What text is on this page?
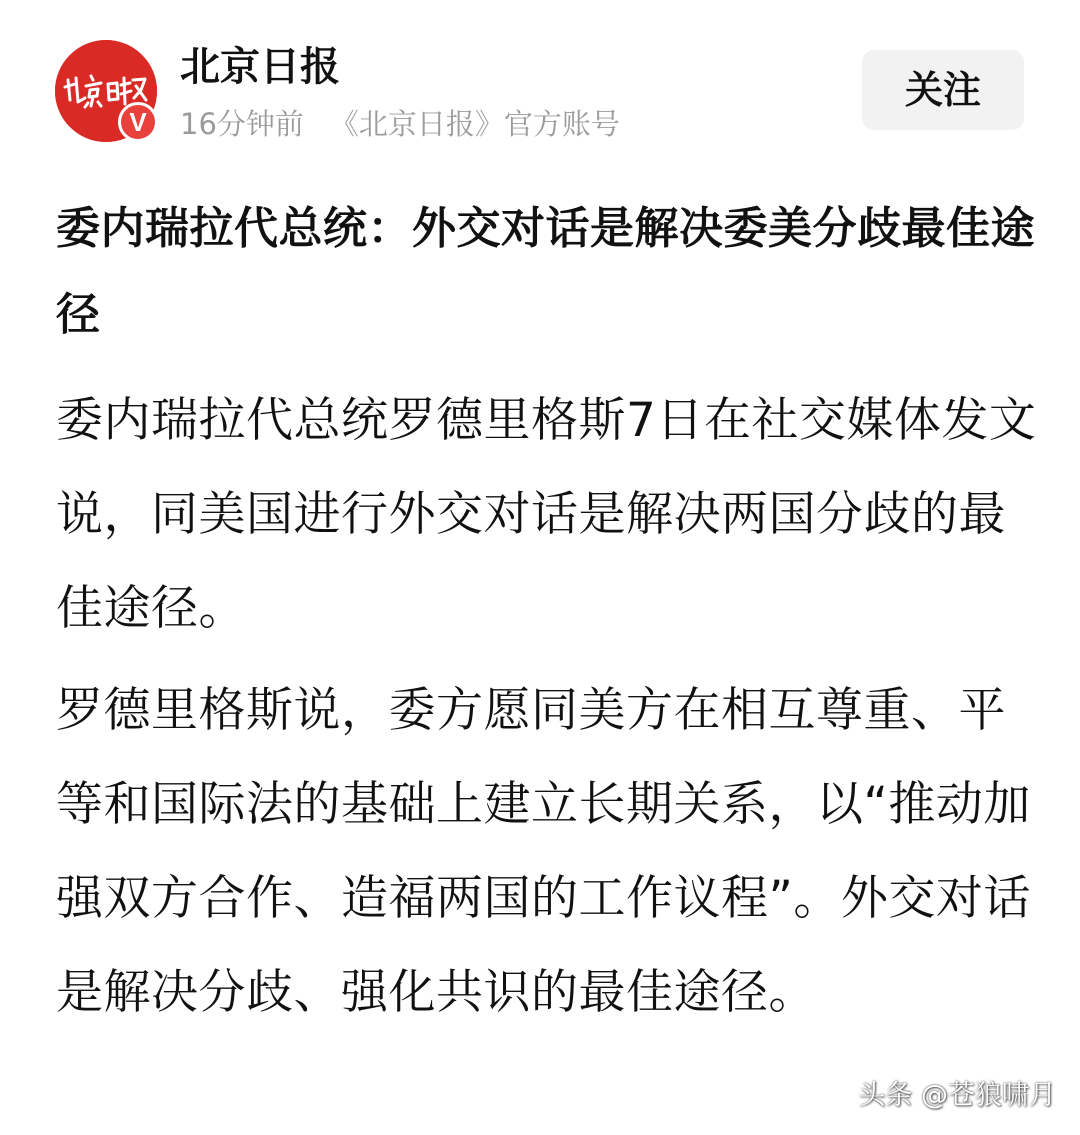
V
北京日报
16分钟前 《北京日报》官方账号
关注
委内瑞拉代总统：外交对话是解决委美分歧最佳途径

委内瑞拉代总统罗德里格斯7日在社交媒体发文说，同美国进行外交对话是解决两国分歧的最佳途径。

罗德里格斯说，委方愿同美方在相互尊重、平等和国际法的基础上建立长期关系，以“推动加强双方合作、造福两国的工作议程”。外交对话是解决分歧、强化共识的最佳途径。

头条 @苍狼啸月
